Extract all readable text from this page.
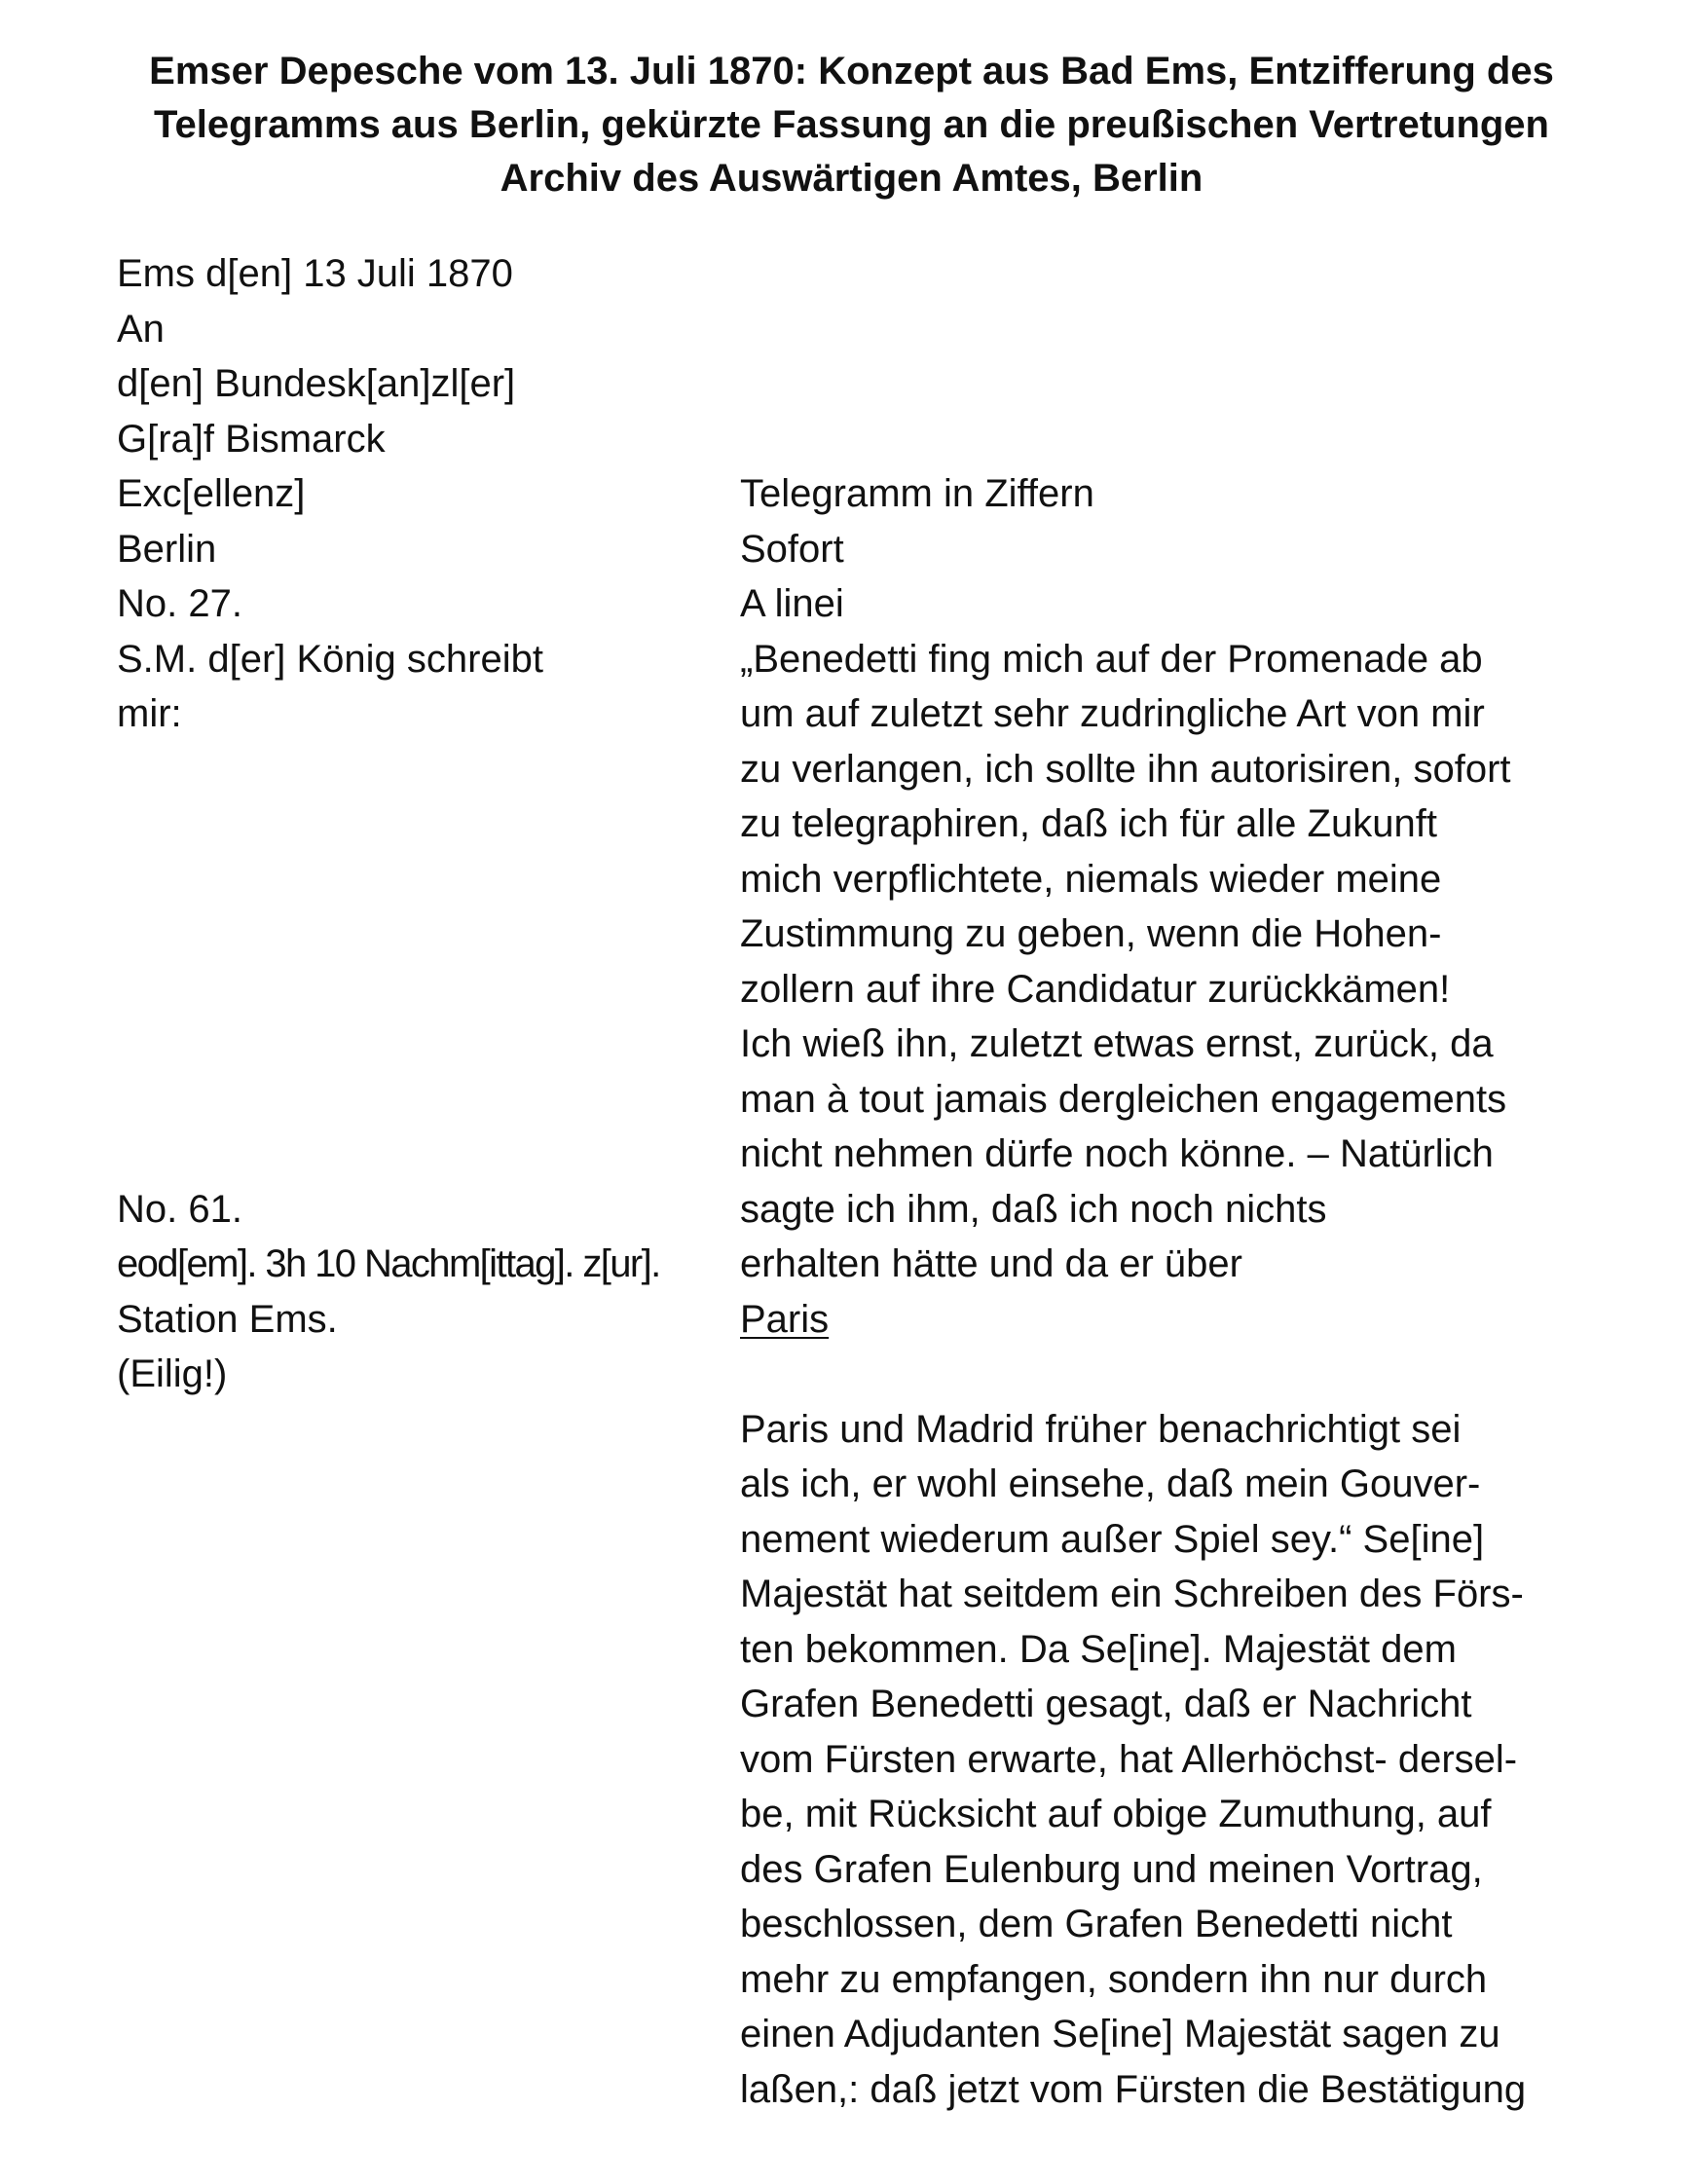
Emser Depesche vom 13. Juli 1870: Konzept aus Bad Ems, Entzifferung des
Telegramms aus Berlin, gekürzte Fassung an die preußischen Vertretungen
Archiv des Auswärtigen Amtes, Berlin
Ems d[en] 13 Juli 1870
An
d[en] Bundesk[an]zl[er]
G[ra]f Bismarck
Exc[ellenz]
Berlin
No. 27.
S.M. d[er] König schreibt
mir:
No. 61.
eod[em]. 3h 10 Nachm[ittag]. z[ur].
Station Ems.
(Eilig!)
Telegramm in Ziffern
Sofort
A linei
„Benedetti fing mich auf der Promenade ab
um auf zuletzt sehr zudringliche Art von mir
zu verlangen, ich sollte ihn autorisiren, sofort
zu telegraphiren, daß ich für alle Zukunft
mich verpflichtete, niemals wieder meine
Zustimmung zu geben, wenn die Hohen-
zollern auf ihre Candidatur zurückkämen!
Ich wieß ihn, zuletzt etwas ernst, zurück, da
man à tout jamais dergleichen engagements
nicht nehmen dürfe noch könne. – Natürlich
sagte ich ihm, daß ich noch nichts
erhalten hätte und da er über
Paris
Paris und Madrid früher benachrichtigt sei
als ich, er wohl einsehe, daß mein Gouver-
nement wiederum außer Spiel sey.“ Se[ine]
Majestät hat seitdem ein Schreiben des Förs-
ten bekommen. Da Se[ine]. Majestät dem
Grafen Benedetti gesagt, daß er Nachricht
vom Fürsten erwarte, hat Allerhöchst- dersel-
be, mit Rücksicht auf obige Zumuthung, auf
des Grafen Eulenburg und meinen Vortrag,
beschlossen, dem Grafen Benedetti nicht
mehr zu empfangen, sondern ihn nur durch
einen Adjudanten Se[ine] Majestät sagen zu
laßen,: daß jetzt vom Fürsten die Bestätigung
